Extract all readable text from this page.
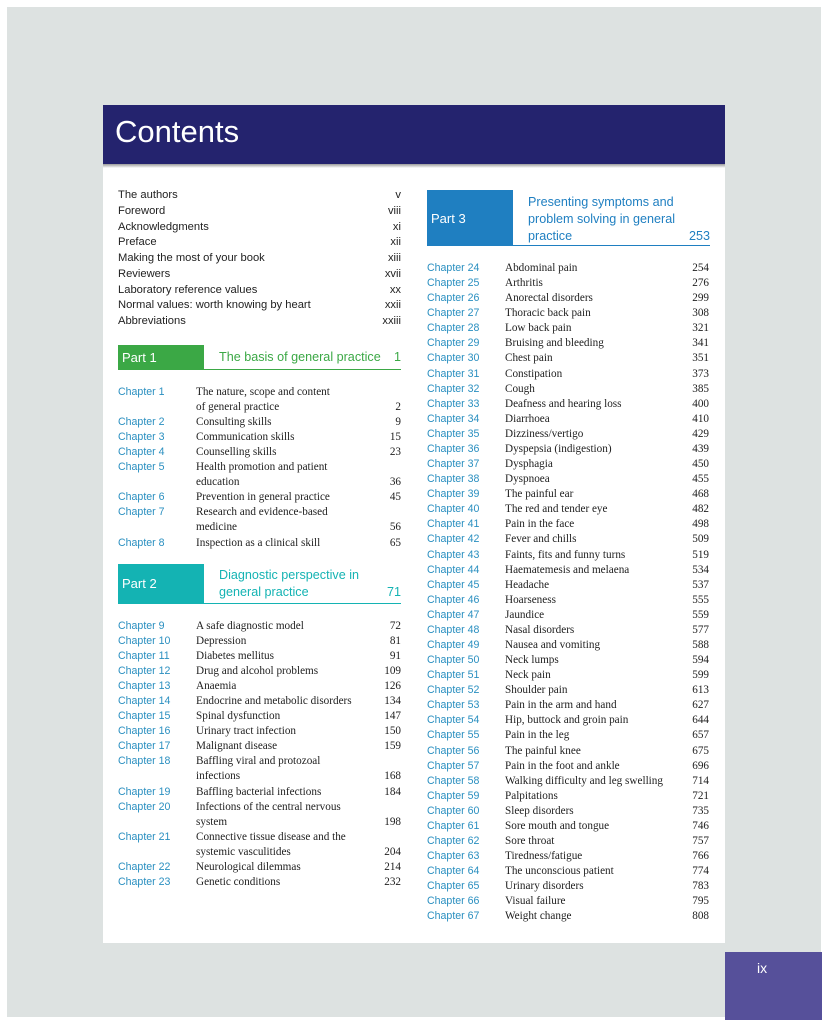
Contents
The authors	v
Foreword	viii
Acknowledgments	xi
Preface	xii
Making the most of your book	xiii
Reviewers	xvii
Laboratory reference values	xx
Normal values: worth knowing by heart	xxii
Abbreviations	xxiii
Part 1	The basis of general practice 1
Chapter 1	The nature, scope and content
of general practice	2
Chapter 2	Consulting skills	9
Chapter 3	Communication skills	15
Chapter 4	Counselling skills	23
Chapter 5	Health promotion and patient
education	36
Chapter 6	Prevention in general practice	45
Chapter 7	Research and evidence-based
medicine	56
Chapter 8	Inspection as a clinical skill	65
Part 2
Diagnostic perspective in
general practice	71
Chapter 9	A safe diagnostic model	72
Chapter 10 Depression	81
Chapter 11 Diabetes mellitus	91
Chapter 12 Drug and alcohol problems	109
Chapter 13 Anaemia	126
Chapter 14 Endocrine and metabolic disorders	134
Chapter 15 Spinal dysfunction	147
Chapter 16 Urinary tract infection	150
Chapter 17 Malignant disease	159
Chapter 18 Baffling viral and protozoal
infections	168
Chapter 19 Baffling bacterial infections	184
Chapter 20 Infections of the central nervous
system	198
Chapter 21 Connective tissue disease and the
systemic vasculitides	204
Chapter 22 Neurological dilemmas	214
Chapter 23 Genetic conditions	232
Part 3
Presenting symptoms and
problem solving in general
practice	253
Chapter 24 Abdominal pain	254
Chapter 25 Arthritis	276
Chapter 26 Anorectal disorders	299
Chapter 27 Thoracic back pain	308
Chapter 28 Low back pain	321
Chapter 29 Bruising and bleeding	341
Chapter 30 Chest pain	351
Chapter 31 Constipation	373
Chapter 32 Cough	385
Chapter 33 Deafness and hearing loss	400
Chapter 34 Diarrhoea	410
Chapter 35 Dizziness/vertigo	429
Chapter 36 Dyspepsia (indigestion)	439
Chapter 37 Dysphagia	450
Chapter 38 Dyspnoea	455
Chapter 39 The painful ear	468
Chapter 40 The red and tender eye	482
Chapter 41 Pain in the face	498
Chapter 42 Fever and chills	509
Chapter 43 Faints, fits and funny turns	519
Chapter 44 Haematemesis and melaena	534
Chapter 45 Headache	537
Chapter 46 Hoarseness	555
Chapter 47 Jaundice	559
Chapter 48 Nasal disorders	577
Chapter 49 Nausea and vomiting	588
Chapter 50 Neck lumps	594
Chapter 51 Neck pain	599
Chapter 52 Shoulder pain	613
Chapter 53 Pain in the arm and hand	627
Chapter 54 Hip, buttock and groin pain	644
Chapter 55 Pain in the leg	657
Chapter 56 The painful knee	675
Chapter 57 Pain in the foot and ankle	696
Chapter 58 Walking difficulty and leg swelling	714
Chapter 59 Palpitations	721
Chapter 60 Sleep disorders	735
Chapter 61 Sore mouth and tongue	746
Chapter 62 Sore throat	757
Chapter 63 Tiredness/fatigue	766
Chapter 64 The unconscious patient	774
Chapter 65 Urinary disorders	783
Chapter 66 Visual failure	795
Chapter 67 Weight change	808
ix
